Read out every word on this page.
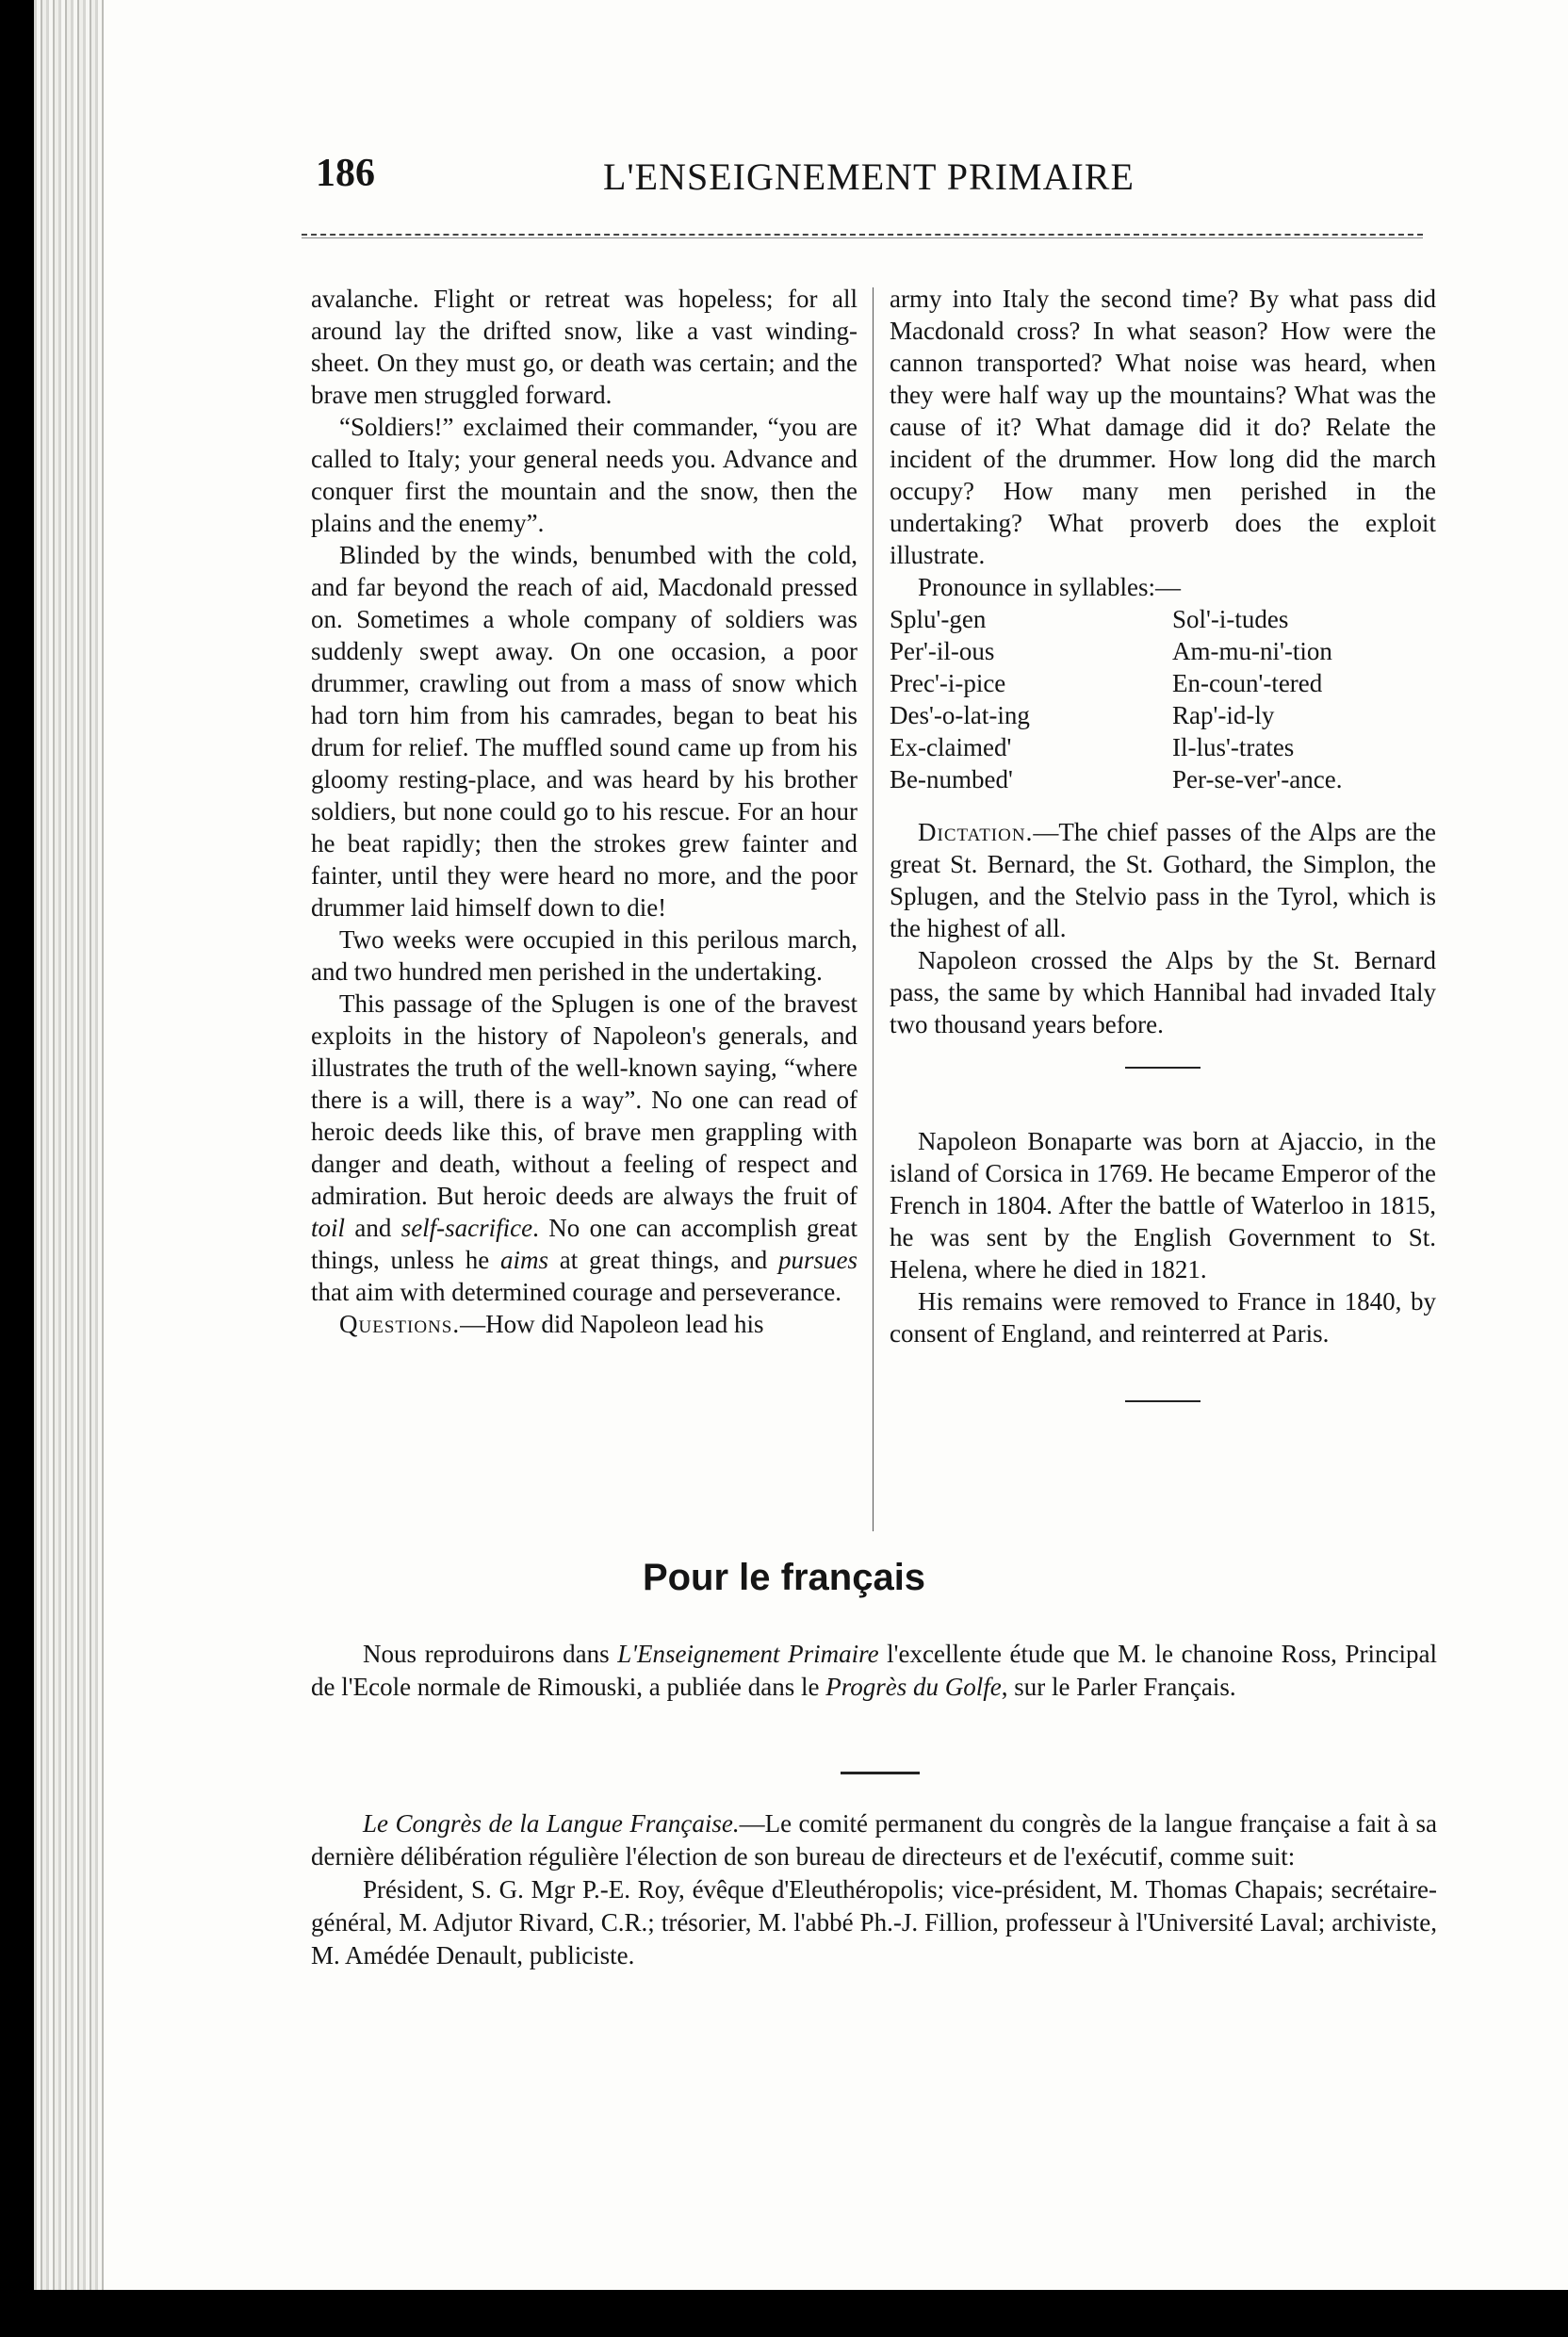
186	L'ENSEIGNEMENT PRIMAIRE

avalanche. Flight or retreat was hopeless; for all around lay the drifted snow, like a vast winding-sheet. On they must go, or death was certain; and the brave men struggled forward.

“Soldiers!” exclaimed their commander, “you are called to Italy; your general needs you. Advance and conquer first the mountain and the snow, then the plains and the enemy”.

Blinded by the winds, benumbed with the cold, and far beyond the reach of aid, Macdonald pressed on. Sometimes a whole company of soldiers was suddenly swept away. On one occasion, a poor drummer, crawling out from a mass of snow which had torn him from his camrades, began to beat his drum for relief. The muffled sound came up from his gloomy resting-place, and was heard by his brother soldiers, but none could go to his rescue. For an hour he beat rapidly; then the strokes grew fainter and fainter, until they were heard no more, and the poor drummer laid himself down to die!

Two weeks were occupied in this perilous march, and two hundred men perished in the undertaking.

This passage of the Splugen is one of the bravest exploits in the history of Napoleon's generals, and illustrates the truth of the well-known saying, “where there is a will, there is a way”. No one can read of heroic deeds like this, of brave men grappling with danger and death, without a feeling of respect and admiration. But heroic deeds are always the fruit of toil and self-sacrifice. No one can accomplish great things, unless he aims at great things, and pursues that aim with determined courage and perseverance.

Questions.—How did Napoleon lead his

army into Italy the second time? By what pass did Macdonald cross? In what season? How were the cannon transported? What noise was heard, when they were half way up the mountains? What was the cause of it? What damage did it do? Relate the incident of the drummer. How long did the march occupy? How many men perished in the undertaking? What proverb does the exploit illustrate.

Pronounce in syllables:—

Splu'-gen	Sol'-i-tudes
Per'-il-ous	Am-mu-ni'-tion
Prec'-i-pice	En-coun'-tered
Des'-o-lat-ing	Rap'-id-ly
Ex-claimed'	Il-lus'-trates
Be-numbed'	Per-se-ver'-ance.

Dictation.—The chief passes of the Alps are the great St. Bernard, the St. Gothard, the Simplon, the Splugen, and the Stelvio pass in the Tyrol, which is the highest of all.

Napoleon crossed the Alps by the St. Bernard pass, the same by which Hannibal had invaded Italy two thousand years before.

Napoleon Bonaparte was born at Ajaccio, in the island of Corsica in 1769. He became Emperor of the French in 1804. After the battle of Waterloo in 1815, he was sent by the English Government to St. Helena, where he died in 1821.

His remains were removed to France in 1840, by consent of England, and reinterred at Paris.

Pour le français

Nous reproduirons dans L'Enseignement Primaire l'excellente étude que M. le chanoine Ross, Principal de l'Ecole normale de Rimouski, a publiée dans le Progrès du Golfe, sur le Parler Français.

Le Congrès de la Langue Française.—Le comité permanent du congrès de la langue française a fait à sa dernière délibération régulière l'élection de son bureau de directeurs et de l'exécutif, comme suit:

Président, S. G. Mgr P.-E. Roy, évêque d'Eleuthéropolis; vice-président, M. Thomas Chapais; secrétaire-général, M. Adjutor Rivard, C.R.; trésorier, M. l'abbé Ph.-J. Fillion, professeur à l'Université Laval; archiviste, M. Amédée Denault, publiciste.
